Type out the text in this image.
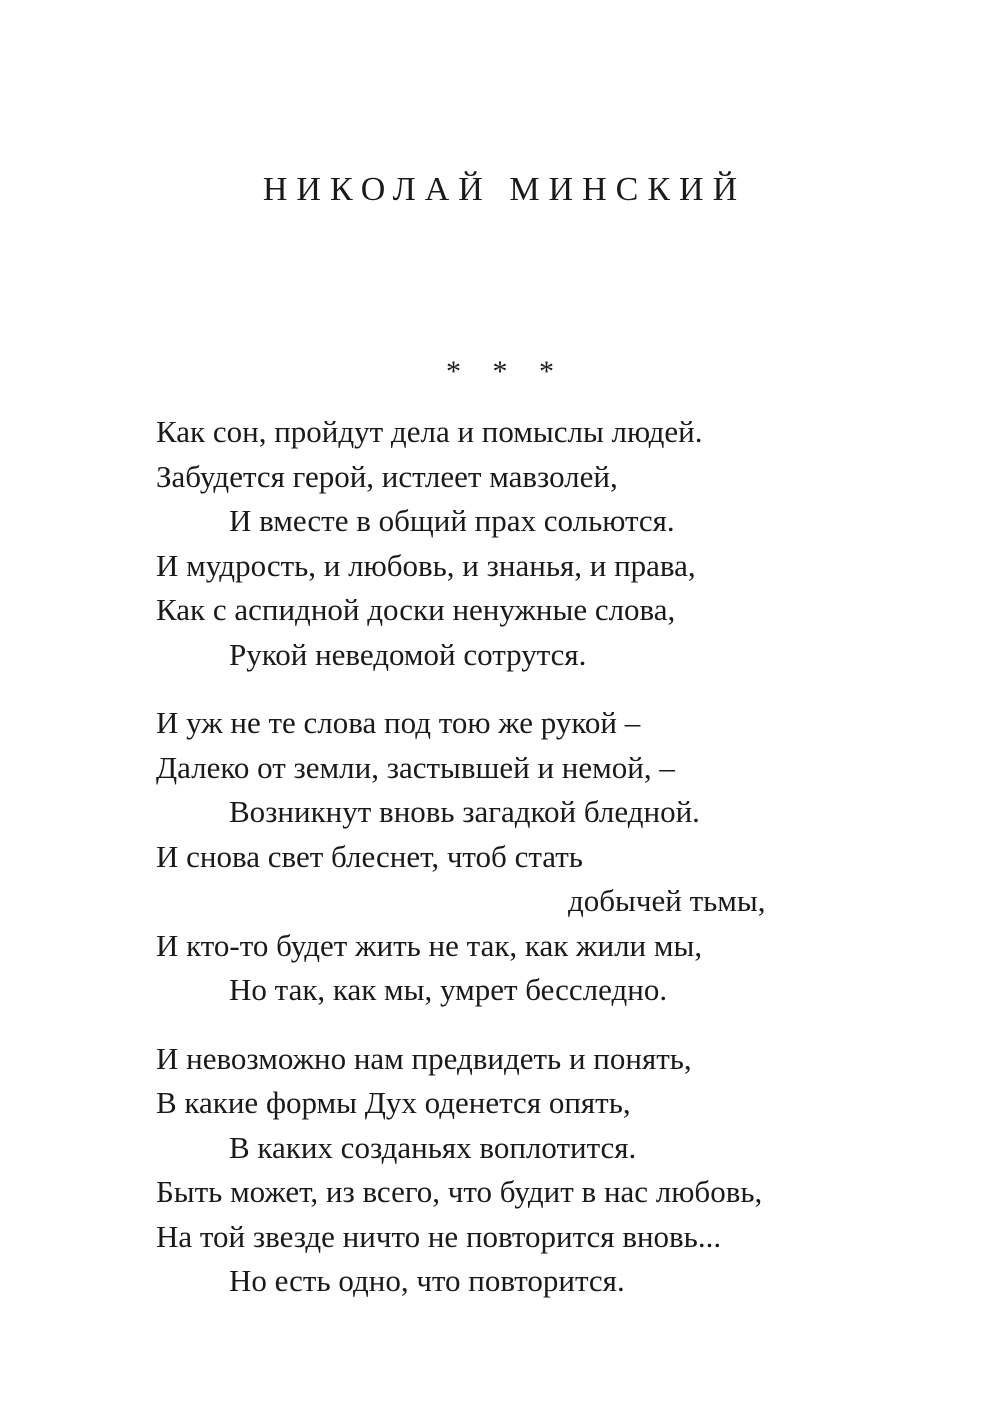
НИКОЛАЙ МИНСКИЙ
* * *
Как сон, пройдут дела и помыслы людей.
Забудется герой, истлеет мавзолей,
И вместе в общий прах сольются.
И мудрость, и любовь, и знанья, и права,
Как с аспидной доски ненужные слова,
Рукой неведомой сотрутся.
И уж не те слова под тою же рукой –
Далеко от земли, застывшей и немой, –
Возникнут вновь загадкой бледной.
И снова свет блеснет, чтоб стать
добычей тьмы,
И кто-то будет жить не так, как жили мы,
Но так, как мы, умрет бесследно.
И невозможно нам предвидеть и понять,
В какие формы Дух оденется опять,
В каких созданьях воплотится.
Быть может, из всего, что будит в нас любовь,
На той звезде ничто не повторится вновь...
Но есть одно, что повторится.
